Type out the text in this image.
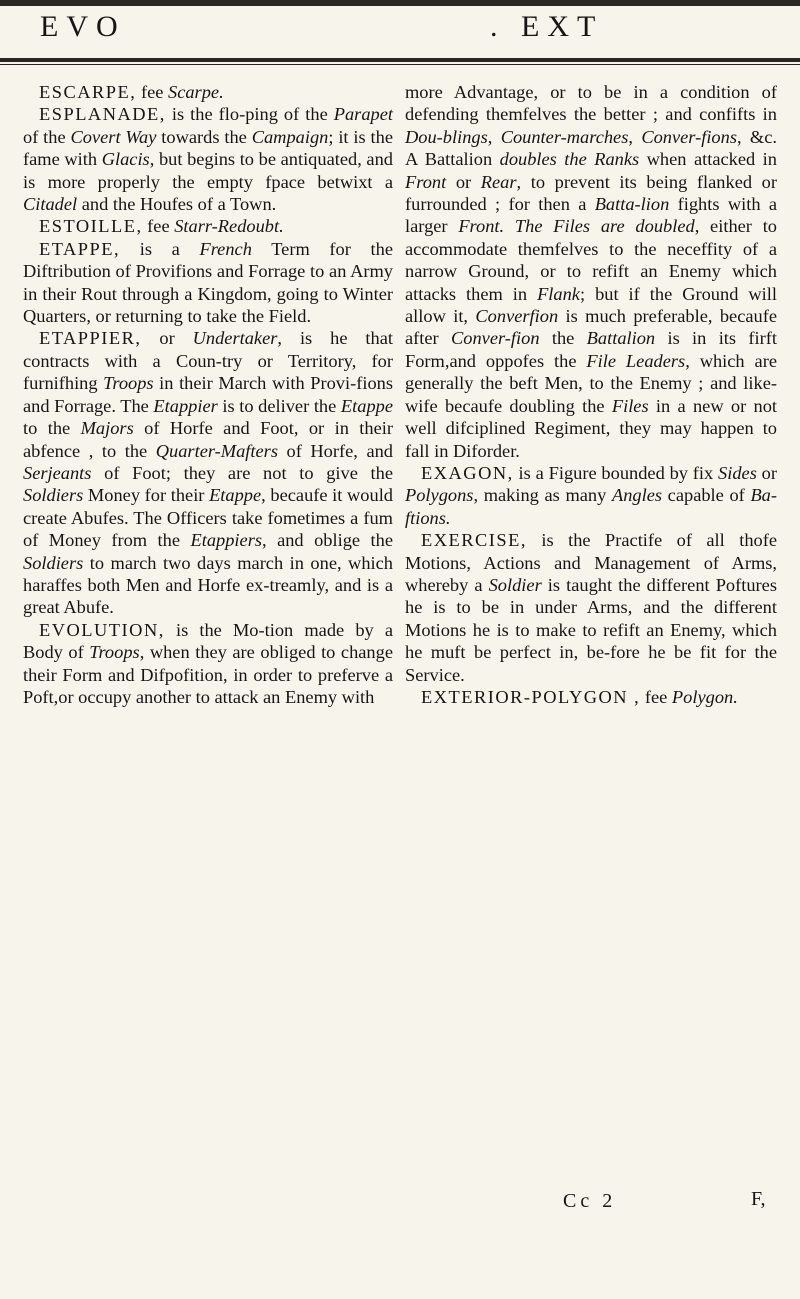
EVO	. EXT

ESCARPE, fee Scarpe.

ESPLANADE, is the flo-ping of the Parapet of the Covert Way towards the Campaign; it is the fame with Glacis, but begins to be antiquated, and is more properly the empty fpace betwixt a Citadel and the Houfes of a Town.

ESTOILLE, fee Starr-Redoubt.

ETAPPE, is a French Term for the Diftribution of Provifions and Forrage to an Army in their Rout through a Kingdom, going to Winter Quarters, or returning to take the Field.

ETAPPIER, or Undertaker, is he that contracts with a Coun-try or Territory, for furnifhing Troops in their March with Provi-fions and Forrage. The Etappier is to deliver the Etappe to the Majors of Horfe and Foot, or in their abfence , to the Quarter-Mafters of Horfe, and Serjeants of Foot; they are not to give the Soldiers Money for their Etappe, becaufe it would create Abufes. The Officers take fometimes a fum of Money from the Etappiers, and oblige the Soldiers to march two days march in one, which haraffes both Men and Horfe ex-treamly, and is a great Abufe.

EVOLUTION, is the Mo-tion made by a Body of Troops, when they are obliged to change their Form and Difpofition, in order to preferve a Poft,or occupy another to attack an Enemy with

more Advantage, or to be in a condition of defending themfelves the better ; and confifts in Dou-blings, Counter-marches, Conver-fions, &c. A Battalion doubles the Ranks when attacked in Front or Rear, to prevent its being flanked or furrounded ; for then a Batta-lion fights with a larger Front. The Files are doubled, either to accommodate themfelves to the neceffity of a narrow Ground, or to refift an Enemy which attacks them in Flank; but if the Ground will allow it, Converfion is much preferable, becaufe after Conver-fion the Battalion is in its firft Form,and oppofes the File Leaders, which are generally the beft Men, to the Enemy ; and like-wife becaufe doubling the Files in a new or not well difciplined Regiment, they may happen to fall in Diforder.

EXAGON, is a Figure bounded by fix Sides or Polygons, making as many Angles capable of Ba-ftions.

EXERCISE, is the Practife of all thofe Motions, Actions and Management of Arms, whereby a Soldier is taught the different Poftures he is to be in under Arms, and the different Motions he is to make to refift an Enemy, which he muft be perfect in, be-fore he be fit for the Service.

EXTERIOR-POLYGON , fee Polygon.

Cc 2	F,
